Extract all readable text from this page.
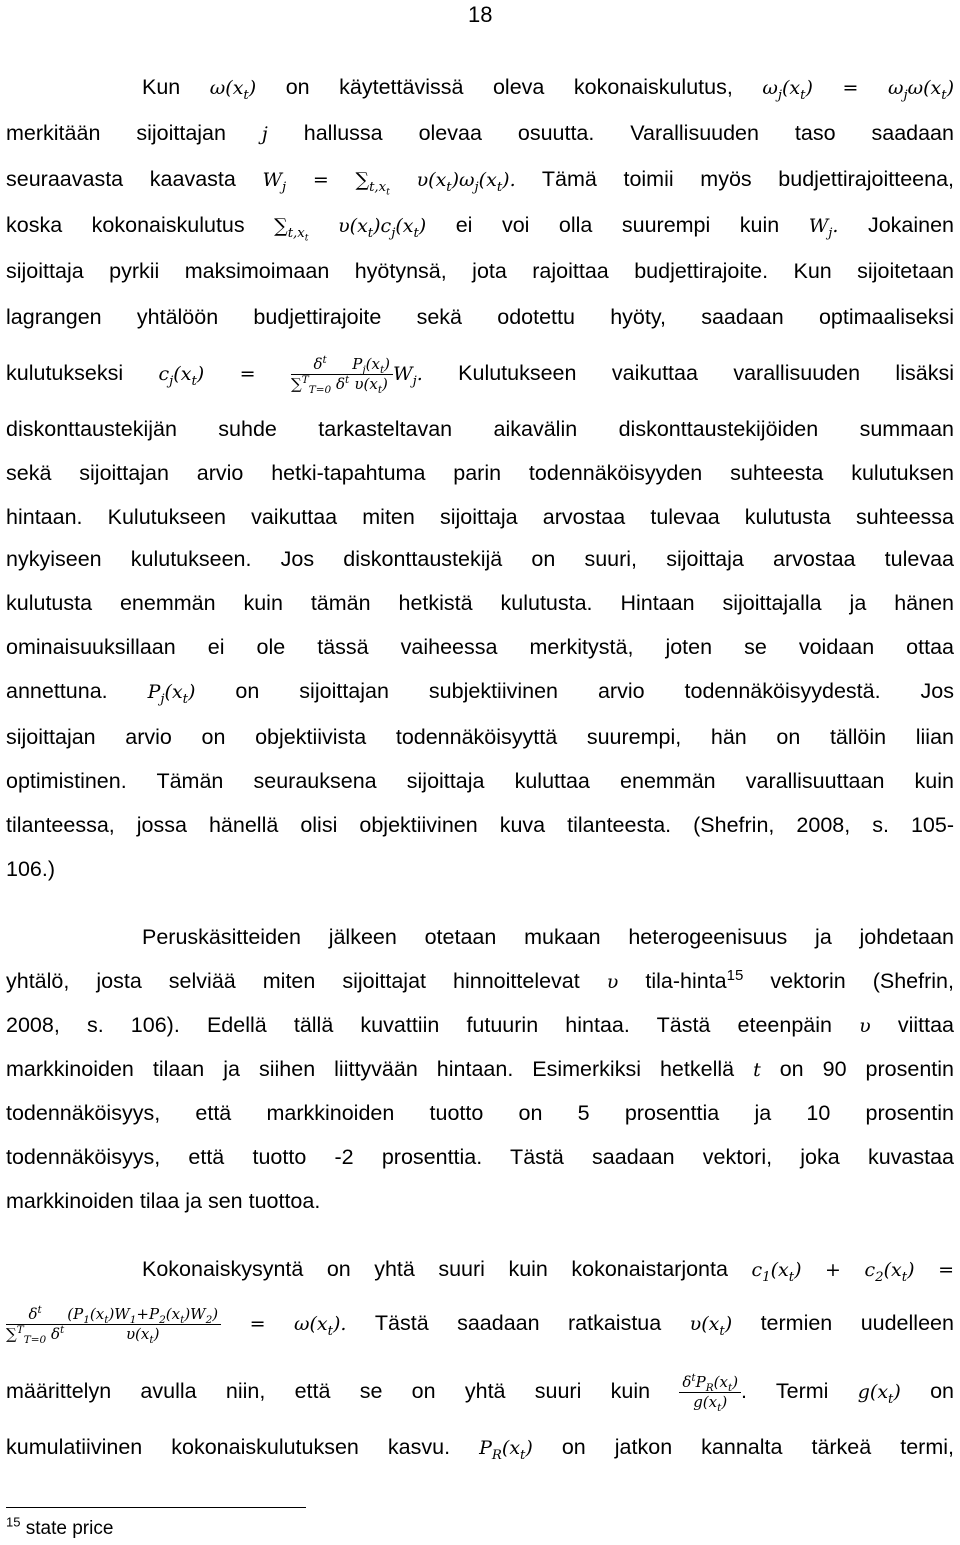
18
Kun $\omega(x_t)$ on käytettävissä oleva kokonaiskulutus, $\omega_j(x_t) = \omega_j\omega(x_t)$
merkitään sijoittajan j hallussa olevaa osuutta. Varallisuuden taso saadaan
seuraavasta kaavasta $W_j = \sum_{t,x_t}$ $\upsilon(x_t)\omega_j(x_t)$. Tämä toimii myös budjettirajoitteena,
koska kokonaiskulutus $\sum_{t,x_t}$ $\upsilon(x_t)c_j(x_t)$ ei voi olla suurempi kuin $W_j$. Jokainen
sijoittaja pyrkii maksimoimaan hyötynsä, jota rajoittaa budjettirajoite. Kun sijoitetaan
lagrangen yhtälöön budjettirajoite sekä odotettu hyöty, saadaan optimaaliseksi
kulutukseksi $c_j(x_t) = \frac{\delta^t}{\sum^T_{T=0} \delta^t} \frac{P_j(x_t)}{\upsilon(x_t)} W_j$. Kulutukseen vaikuttaa varallisuuden lisäksi
diskonttaustekijän suhde tarkasteltavan aikavälin diskonttaustekijöiden summaan
sekä sijoittajan arvio hetki-tapahtuma parin todennäköisyyden suhteesta kulutuksen
hintaan. Kulutukseen vaikuttaa miten sijoittaja arvostaa tulevaa kulutusta suhteessa
nykyiseen kulutukseen. Jos diskonttaustekijä on suuri, sijoittaja arvostaa tulevaa
kulutusta enemmän kuin tämän hetkistä kulutusta. Hintaan sijoittajalla ja hänen
ominaisuuksillaan ei ole tässä vaiheessa merkitystä, joten se voidaan ottaa
annettuna. $P_j(x_t)$ on sijoittajan subjektiivinen arvio todennäköisyydestä. Jos
sijoittajan arvio on objektiivista todennäköisyyttä suurempi, hän on tällöin liian
optimistinen. Tämän seurauksena sijoittaja kuluttaa enemmän varallisuuttaan kuin
tilanteessa, jossa hänellä olisi objektiivinen kuva tilanteesta. (Shefrin, 2008, s. 105-
106.)
Peruskäsitteiden jälkeen otetaan mukaan heterogeenisuus ja johdetaan
yhtälö, josta selviää miten sijoittajat hinnoittelevat υ tila-hinta$^{15}$ vektorin (Shefrin,
2008, s. 106). Edellä tällä kuvattiin futuurin hintaa. Tästä eteenpäin υ viittaa
markkinoiden tilaan ja siihen liittyvään hintaan. Esimerkiksi hetkellä t on 90 prosentin
todennäköisyys, että markkinoiden tuotto on 5 prosenttia ja 10 prosentin
todennäköisyys, että tuotto -2 prosenttia. Tästä saadaan vektori, joka kuvastaa
markkinoiden tilaa ja sen tuottoa.
Kokonaiskysyntä on yhtä suuri kuin kokonaistarjonta $c_1(x_t) + c_2(x_t)$ =
$\frac{\delta^t}{\sum^T_{T=0} \delta^t} \frac{(P_1(x_t)W_1+P_2(x_t)W_2)}{\upsilon(x_t)} = \omega(x_t)$. Tästä saadaan ratkaistua $\upsilon(x_t)$ termien uudelleen
määrittelyn avulla niin, että se on yhtä suuri kuin $\frac{\delta^tP_R(x_t)}{g(x_t)}$ . Termi $g(x_t)$ on
kumulatiivinen kokonaiskulutuksen kasvu. $P_R(x_t)$ on jatkon kannalta tärkeä termi,
$^{15}$ state price
